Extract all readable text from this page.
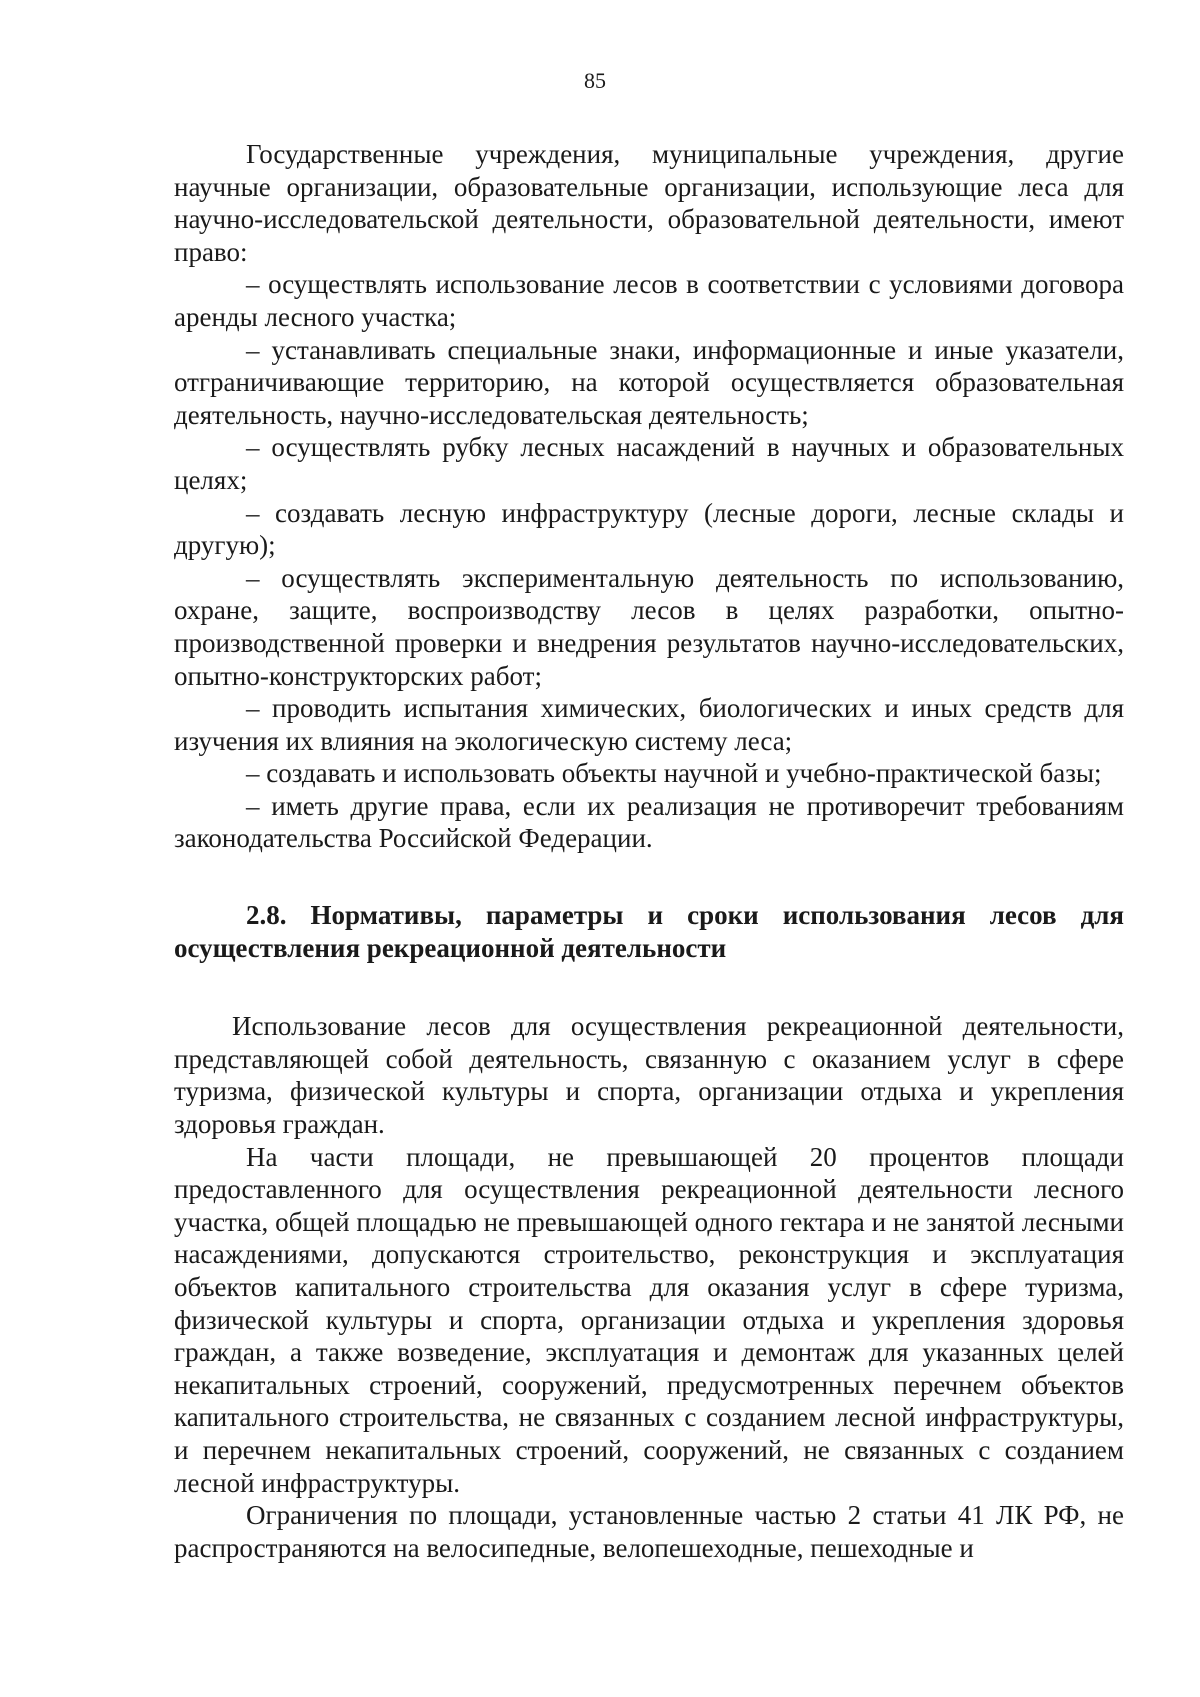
85

Государственные учреждения, муниципальные учреждения, другие научные организации, образовательные организации, использующие леса для научно-исследовательской деятельности, образовательной деятельности, имеют право:

– осуществлять использование лесов в соответствии с условиями договора аренды лесного участка;

– устанавливать специальные знаки, информационные и иные указатели, отграничивающие территорию, на которой осуществляется образовательная деятельность, научно-исследовательская деятельность;

– осуществлять рубку лесных насаждений в научных и образовательных целях;

– создавать лесную инфраструктуру (лесные дороги, лесные склады и другую);

– осуществлять экспериментальную деятельность по использованию, охране, защите, воспроизводству лесов в целях разработки, опытно-производственной проверки и внедрения результатов научно-исследовательских, опытно-конструкторских работ;

– проводить испытания химических, биологических и иных средств для изучения их влияния на экологическую систему леса;

– создавать и использовать объекты научной и учебно-практической базы;

– иметь другие права, если их реализация не противоречит требованиям законодательства Российской Федерации.

2.8. Нормативы, параметры и сроки использования лесов для осуществления рекреационной деятельности

Использование лесов для осуществления рекреационной деятельности, представляющей собой деятельность, связанную с оказанием услуг в сфере туризма, физической культуры и спорта, организации отдыха и укрепления здоровья граждан.

На части площади, не превышающей 20 процентов площади предоставленного для осуществления рекреационной деятельности лесного участка, общей площадью не превышающей одного гектара и не занятой лесными насаждениями, допускаются строительство, реконструкция и эксплуатация объектов капитального строительства для оказания услуг в сфере туризма, физической культуры и спорта, организации отдыха и укрепления здоровья граждан, а также возведение, эксплуатация и демонтаж для указанных целей некапитальных строений, сооружений, предусмотренных перечнем объектов капитального строительства, не связанных с созданием лесной инфраструктуры, и перечнем некапитальных строений, сооружений, не связанных с созданием лесной инфраструктуры.

Ограничения по площади, установленные частью 2 статьи 41 ЛК РФ, не распространяются на велосипедные, велопешеходные, пешеходные и
